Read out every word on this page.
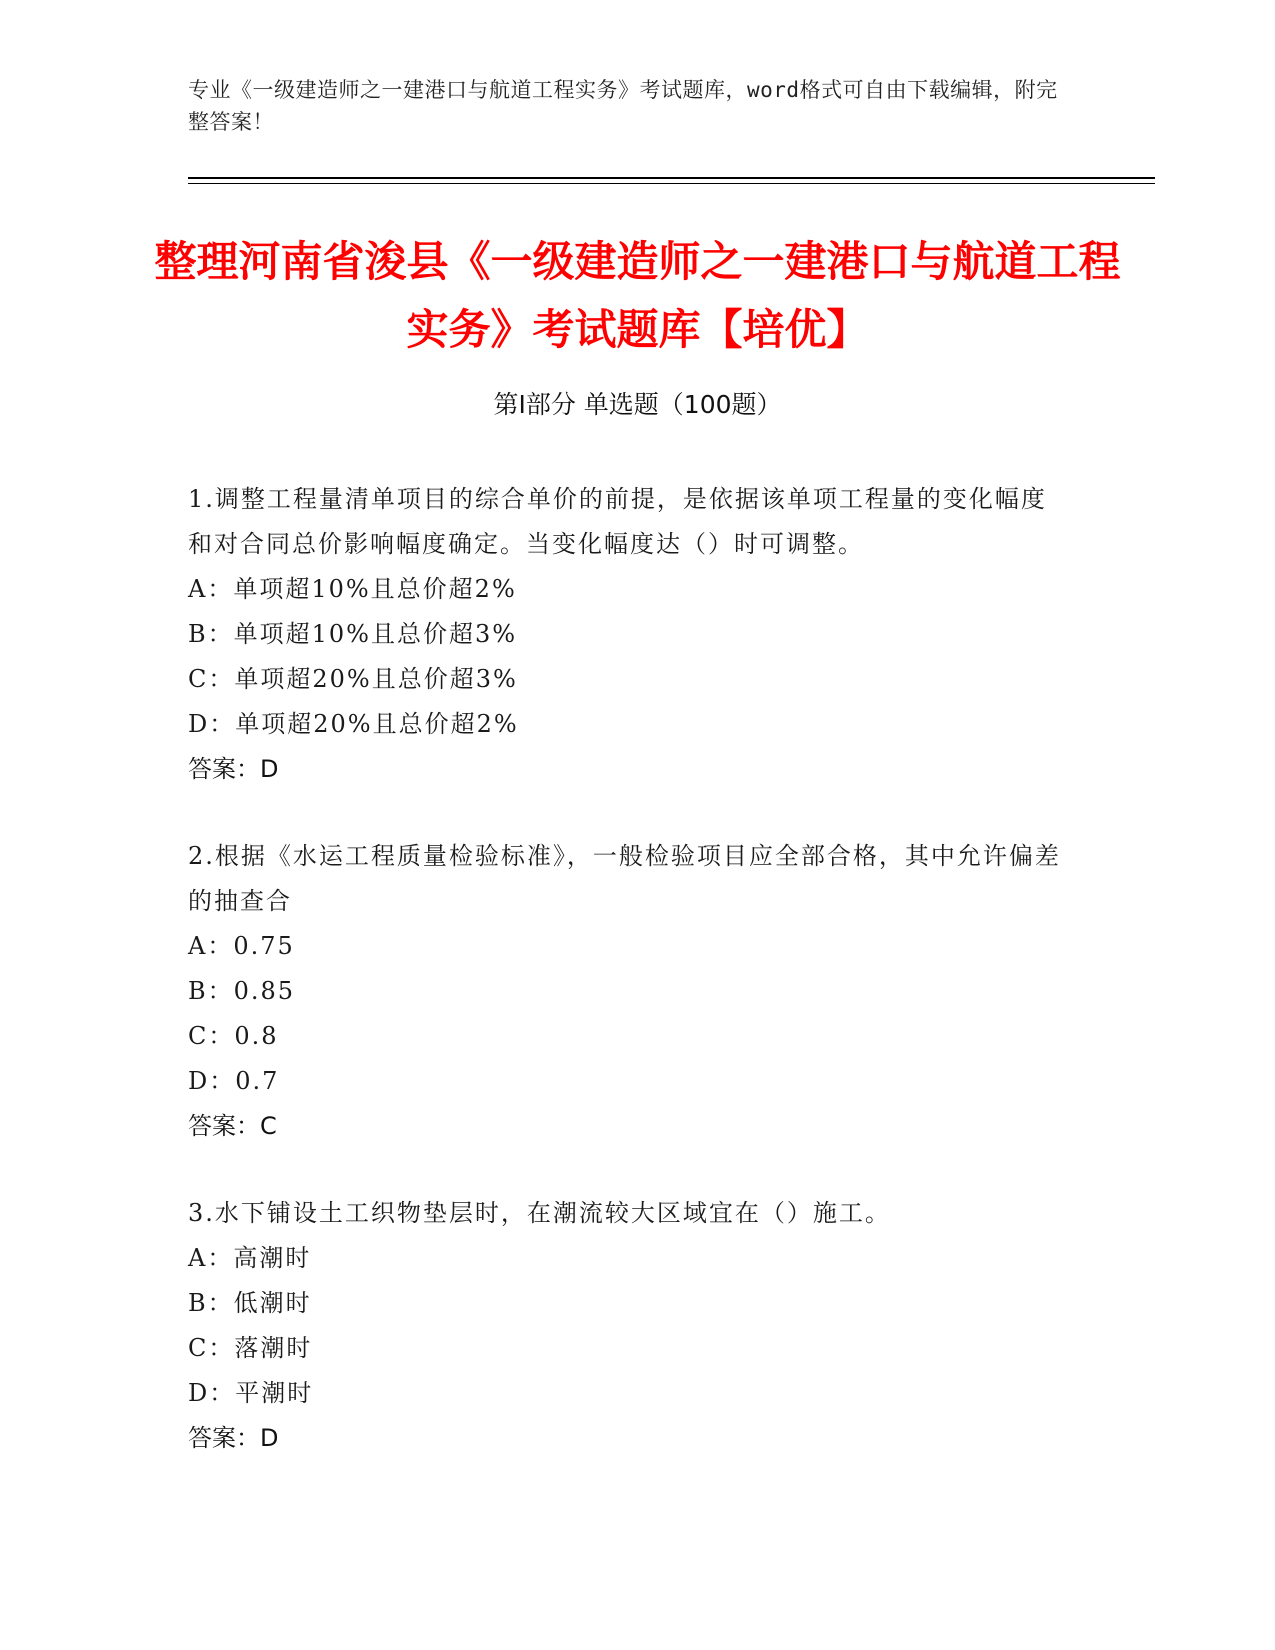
专业《一级建造师之一建港口与航道工程实务》考试题库，word格式可自由下载编辑，附完整答案！
整理河南省浚县《一级建造师之一建港口与航道工程实务》考试题库【培优】
第Ⅰ部分 单选题（100题）
1.调整工程量清单项目的综合单价的前提，是依据该单项工程量的变化幅度和对合同总价影响幅度确定。当变化幅度达（）时可调整。
A：单项超10%且总价超2%
B：单项超10%且总价超3%
C：单项超20%且总价超3%
D：单项超20%且总价超2%
答案：D
2.根据《水运工程质量检验标准》，一般检验项目应全部合格，其中允许偏差的抽查合
A：0.75
B：0.85
C：0.8
D：0.7
答案：C
3.水下铺设土工织物垫层时，在潮流较大区域宜在（）施工。
A：高潮时
B：低潮时
C：落潮时
D：平潮时
答案：D
